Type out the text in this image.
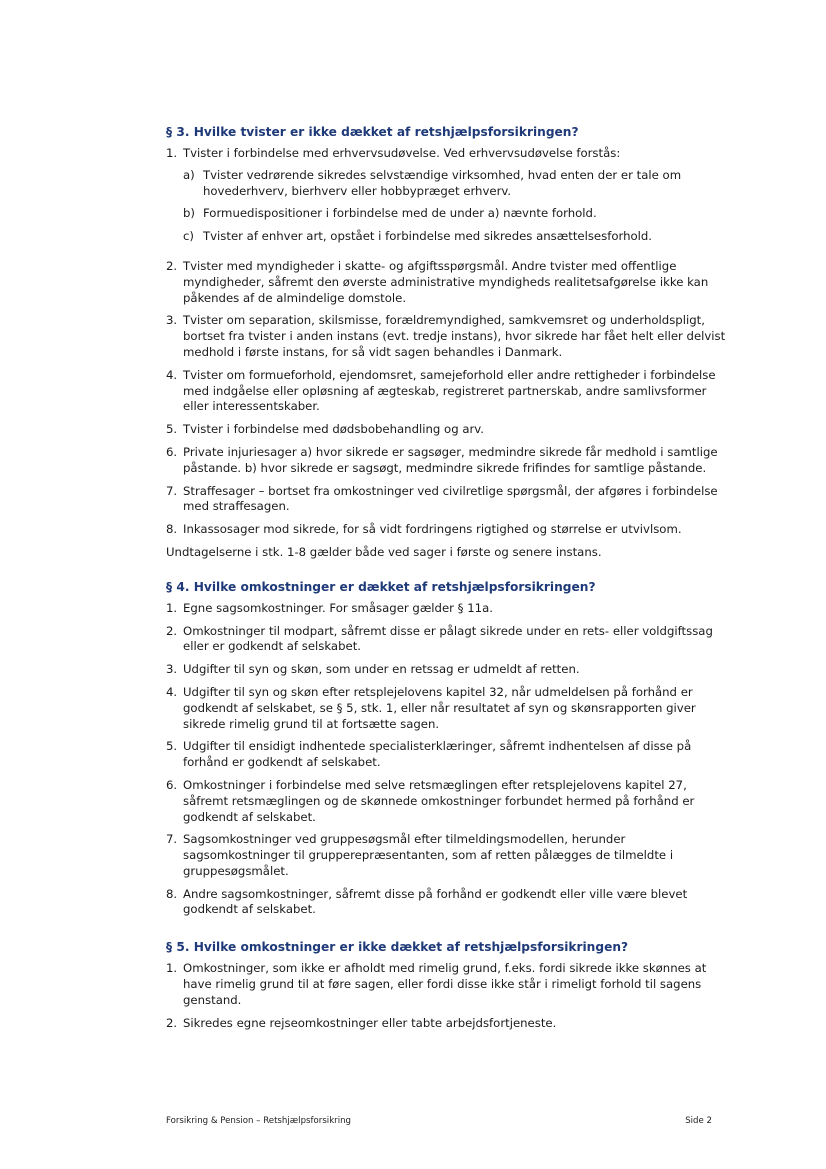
§ 3. Hvilke tvister er ikke dækket af retshjælpsforsikringen?
1. Tvister i forbindelse med erhvervsudøvelse. Ved erhvervsudøvelse forstås:
a) Tvister vedrørende sikredes selvstændige virksomhed, hvad enten der er tale om hovederhverv, bierhverv eller hobbypræget erhverv.
b) Formuedispositioner i forbindelse med de under a) nævnte forhold.
c) Tvister af enhver art, opstået i forbindelse med sikredes ansættelsesforhold.
2. Tvister med myndigheder i skatte- og afgiftsspørgsmål. Andre tvister med offentlige myndigheder, såfremt den øverste administrative myndigheds realitetsafgørelse ikke kan påkendes af de almindelige domstole.
3. Tvister om separation, skilsmisse, forældremyndighed, samkvemsret og underholdspligt, bortset fra tvister i anden instans (evt. tredje instans), hvor sikrede har fået helt eller delvist medhold i første instans, for så vidt sagen behandles i Danmark.
4. Tvister om formueforhold, ejendomsret, samejeforhold eller andre rettigheder i forbindelse med indgåelse eller opløsning af ægteskab, registreret partnerskab, andre samlivsformer eller interessentskaber.
5. Tvister i forbindelse med dødsbobehandling og arv.
6. Private injuriesager a) hvor sikrede er sagsøger, medmindre sikrede får medhold i samtlige påstande. b) hvor sikrede er sagsøgt, medmindre sikrede frifindes for samtlige påstande.
7. Straffesager – bortset fra omkostninger ved civilretlige spørgsmål, der afgøres i forbindelse med straffesagen.
8. Inkassosager mod sikrede, for så vidt fordringens rigtighed og størrelse er utvivlsom.

Undtagelserne i stk. 1-8 gælder både ved sager i første og senere instans.

§ 4. Hvilke omkostninger er dækket af retshjælpsforsikringen?
1. Egne sagsomkostninger. For småsager gælder § 11a.
2. Omkostninger til modpart, såfremt disse er pålagt sikrede under en rets- eller voldgiftssag eller er godkendt af selskabet.
3. Udgifter til syn og skøn, som under en retssag er udmeldt af retten.
4. Udgifter til syn og skøn efter retsplejelovens kapitel 32, når udmeldelsen på forhånd er godkendt af selskabet, se § 5, stk. 1, eller når resultatet af syn og skønsrapporten giver sikrede rimelig grund til at fortsætte sagen.
5. Udgifter til ensidigt indhentede specialisterklæringer, såfremt indhentelsen af disse på forhånd er godkendt af selskabet.
6. Omkostninger i forbindelse med selve retsmæglingen efter retsplejelovens kapitel 27, såfremt retsmæglingen og de skønnede omkostninger forbundet hermed på forhånd er godkendt af selskabet.
7. Sagsomkostninger ved gruppesøgsmål efter tilmeldingsmodellen, herunder sagsomkostninger til grupperepræsentanten, som af retten pålægges de tilmeldte i gruppesøgsmålet.
8. Andre sagsomkostninger, såfremt disse på forhånd er godkendt eller ville være blevet godkendt af selskabet.
§ 5. Hvilke omkostninger er ikke dækket af retshjælpsforsikringen?
1. Omkostninger, som ikke er afholdt med rimelig grund, f.eks. fordi sikrede ikke skønnes at have rimelig grund til at føre sagen, eller fordi disse ikke står i rimeligt forhold til sagens genstand.
2. Sikredes egne rejseomkostninger eller tabte arbejdsfortjeneste.
Forsikring & Pension – Retshjælpsforsikring	Side 2
